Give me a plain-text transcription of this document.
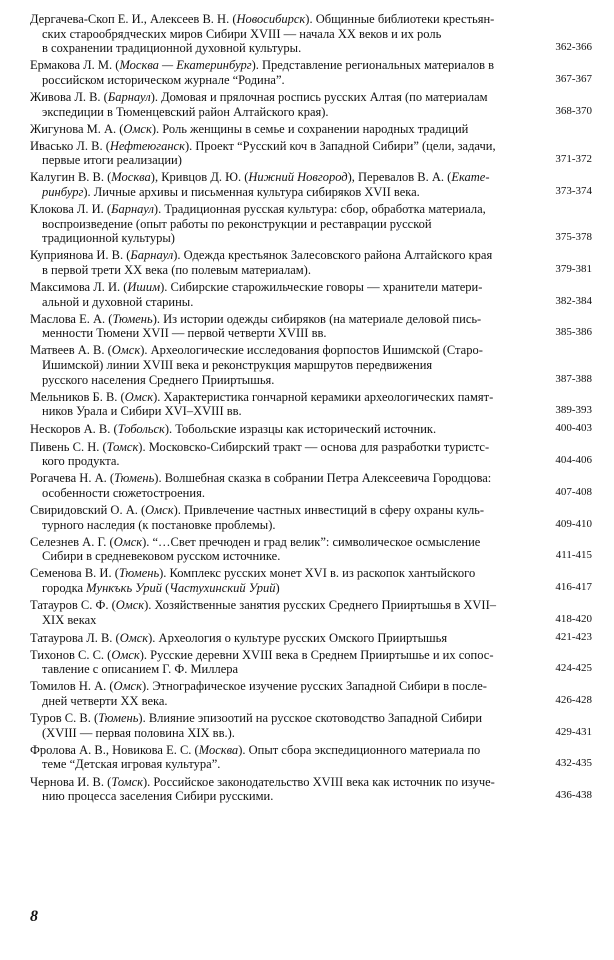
Дергачева-Скоп Е. И., Алексеев В. Н. (Новосибирск). Общинные библиотеки крестьян-
ских старообрядческих миров Сибири XVIII — начала XX веков и их роль
в сохранении традиционной духовной культуры.	362-366
Ермакова Л. М. (Москва — Екатеринбург). Представление региональных материалов в
российском историческом журнале “Родина”.	367-367
Живова Л. В. (Барнаул). Домовая и прялочная роспись русских Алтая (по материалам
экспедиции в Тюменцевский район Алтайского края).	368-370
Жигунова М. А. (Омск). Роль женщины в семье и сохранении народных традиций
Ивасько Л. В. (Нефтеюганск). Проект “Русский коч в Западной Сибири” (цели, задачи,
первые итоги реализации)	371-372
Калугин В. В. (Москва), Кривцов Д. Ю. (Нижний Новгород), Перевалов В. А. (Екате-
ринбург). Личные архивы и письменная культура сибиряков XVII века.	373-374
Клокова Л. И. (Барнаул). Традиционная русская культура: сбор, обработка материала,
воспроизведение (опыт работы по реконструкции и реставрации русской
традиционной культуры)	375-378
Куприянова И. В. (Барнаул). Одежда крестьянок Залесовского района Алтайского края
в первой трети XX века (по полевым материалам).	379-381
Максимова Л. И. (Ишим). Сибирские старожильческие говоры — хранители матери-
альной и духовной старины.	382-384
Маслова Е. А. (Тюмень). Из истории одежды сибиряков (на материале деловой пись-
менности Тюмени XVII — первой четверти XVIII вв.	385-386
Матвеев А. В. (Омск). Археологические исследования форпостов Ишимской (Старо-
Ишимской) линии XVIII века и реконструкция маршрутов передвижения
русского населения Среднего Прииртышья.	387-388
Мельников Б. В. (Омск). Характеристика гончарной керамики археологических памят-
ников Урала и Сибири XVI–XVIII вв.	389-393
Нескоров А. В. (Тобольск). Тобольские изразцы как исторический источник.	400-403
Пивень С. Н. (Томск). Московско-Сибирский тракт — основа для разработки туристс-
кого продукта.	404-406
Рогачева Н. А. (Тюмень). Волшебная сказка в собрании Петра Алексеевича Городцова:
особенности сюжетостроения.	407-408
Свиридовский О. А. (Омск). Привлечение частных инвестиций в сферу охраны куль-
турного наследия (к постановке проблемы).	409-410
Селезнев А. Г. (Омск). “…Свет пречюден и град велик”: символическое осмысление
Сибири в средневековом русском источнике.	411-415
Семенова В. И. (Тюмень). Комплекс русских монет XVI в. из раскопок хантыйского
городка Мункъкь Урий (Частухинский Урий)	416-417
Татауров С. Ф. (Омск). Хозяйственные занятия русских Среднего Прииртышья в XVII–
XIX веках	418-420
Татаурова Л. В. (Омск). Археология о культуре русских Омского Прииртышья	421-423
Тихонов С. С. (Омск). Русские деревни XVIII века в Среднем Прииртышье и их сопос-
тавление с описанием Г. Ф. Миллера	424-425
Томилов Н. А. (Омск). Этнографическое изучение русских Западной Сибири в после-
дней четверти XX века.	426-428
Туров С. В. (Тюмень). Влияние эпизоотий на русское скотоводство Западной Сибири
(XVIII — первая половина XIX вв.).	429-431
Фролова А. В., Новикова Е. С. (Москва). Опыт сбора экспедиционного материала по
теме “Детская игровая культура”.	432-435
Чернова И. В. (Томск). Российское законодательство XVIII века как источник по изуче-
нию процесса заселения Сибири русскими.	436-438
8
